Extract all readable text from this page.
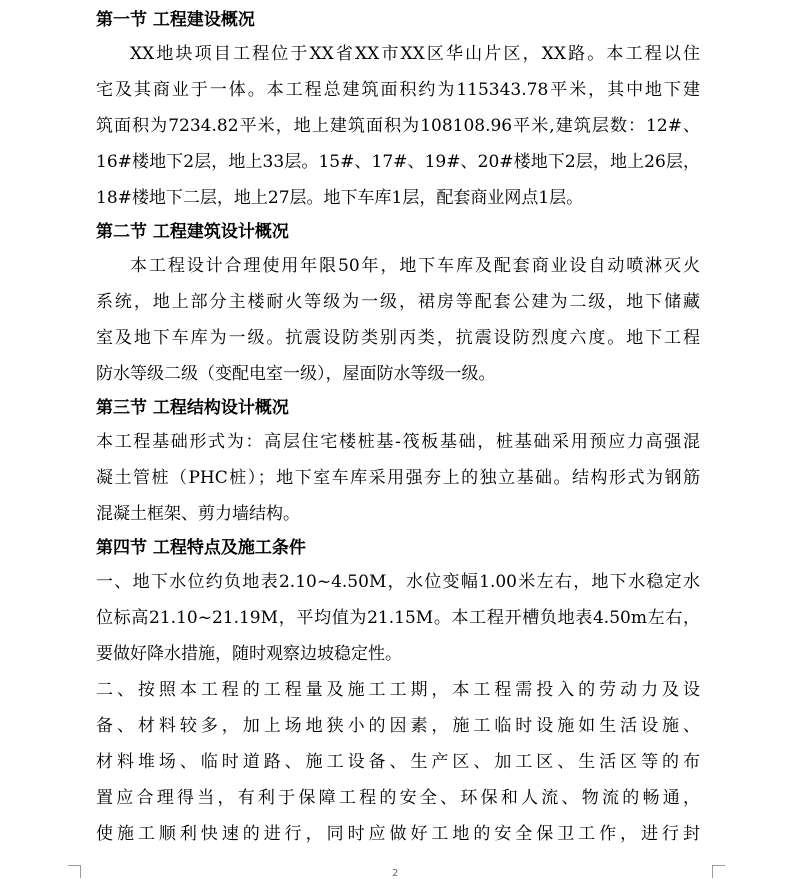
第一节 工程建设概况

XX地块项目工程位于XX省XX市XX区华山片区，XX路。本工程以住
宅及其商业于一体。本工程总建筑面积约为115343.78平米，其中地下建
筑面积为7234.82平米，地上建筑面积为108108.96平米,建筑层数：12#、
16#楼地下2层，地上33层。15#、17#、19#、20#楼地下2层，地上26层，
18#楼地下二层，地上27层。地下车库1层，配套商业网点1层。

第二节 工程建筑设计概况

本工程设计合理使用年限50年，地下车库及配套商业设自动喷淋灭火
系统，地上部分主楼耐火等级为一级，裙房等配套公建为二级，地下储藏
室及地下车库为一级。抗震设防类别丙类，抗震设防烈度六度。地下工程
防水等级二级（变配电室一级），屋面防水等级一级。

第三节 工程结构设计概况

本工程基础形式为：高层住宅楼桩基-筏板基础，桩基础采用预应力高强混
凝土管桩（PHC桩）；地下室车库采用强夯上的独立基础。结构形式为钢筋
混凝土框架、剪力墙结构。

第四节 工程特点及施工条件

一、地下水位约负地表2.10~4.50M，水位变幅1.00米左右，地下水稳定水
位标高21.10~21.19M，平均值为21.15M。本工程开槽负地表4.50m左右，
要做好降水措施，随时观察边坡稳定性。

二、按照本工程的工程量及施工工期，本工程需投入的劳动力及设
备、材料较多，加上场地狭小的因素，施工临时设施如生活设施、
材料堆场、临时道路、施工设备、生产区、加工区、生活区等的布
置应合理得当，有利于保障工程的安全、环保和人流、物流的畅通，
使施工顺利快速的进行，同时应做好工地的安全保卫工作，进行封

2
